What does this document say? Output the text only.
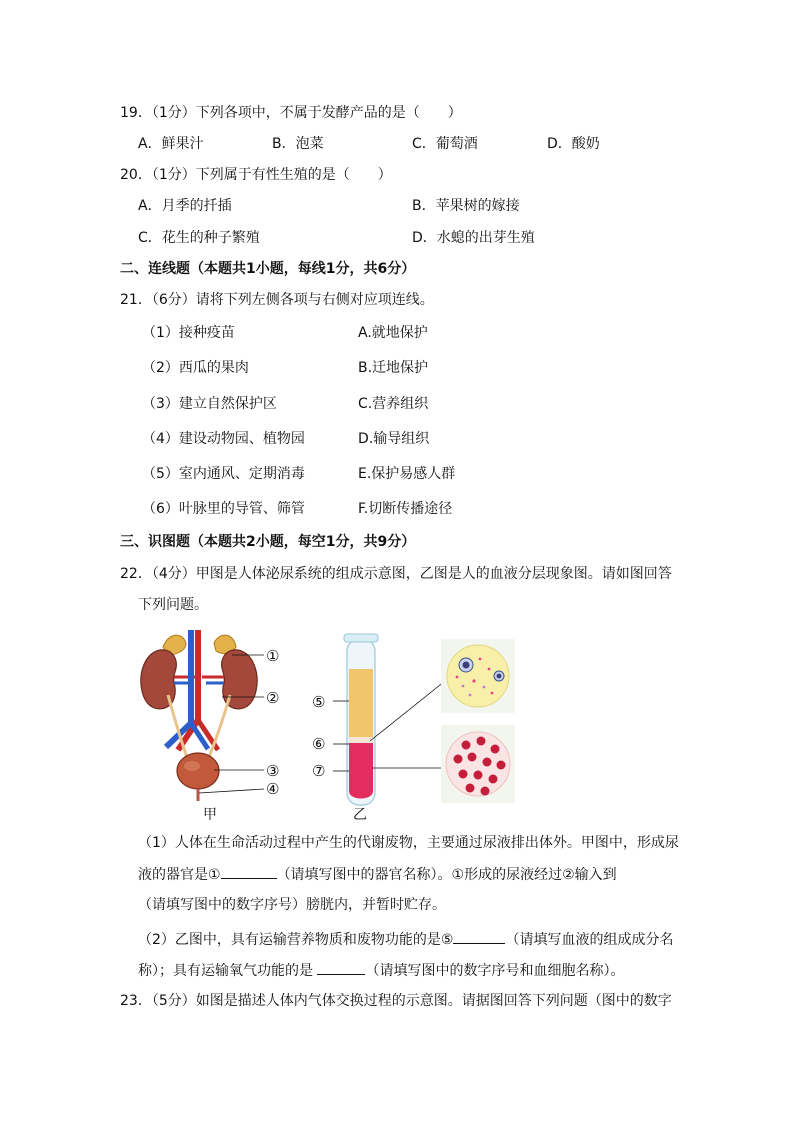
19．（1分）下列各项中，不属于发酵产品的是（　　）
A．鲜果汁	B．泡菜	C．葡萄酒	D．酸奶
20．（1分）下列属于有性生殖的是（　　）
A．月季的扦插	B．苹果树的嫁接
C．花生的种子繁殖	D．水螅的出芽生殖
二、连线题（本题共1小题，每线1分，共6分）
21．（6分）请将下列左侧各项与右侧对应项连线。
（1）接种疫苗	A.就地保护
（2）西瓜的果肉	B.迁地保护
（3）建立自然保护区	C.营养组织
（4）建设动物园、植物园	D.输导组织
（5）室内通风、定期消毒	E.保护易感人群
（6）叶脉里的导管、筛管	F.切断传播途径
三、识图题（本题共2小题，每空1分，共9分）
22．（4分）甲图是人体泌尿系统的组成示意图，乙图是人的血液分层现象图。请如图回答
下列问题。
①
②
③
④
甲
⑤
⑥
⑦
乙
（1）人体在生命活动过程中产生的代谢废物，主要通过尿液排出体外。甲图中，形成尿
液的器官是①	（请填写图中的器官名称）。①形成的尿液经过②输入到
（请填写图中的数字序号）膀胱内，并暂时贮存。
（2）乙图中，具有运输营养物质和废物功能的是⑤	（请填写血液的组成成分名
称）；具有运输氧气功能的是	（请填写图中的数字序号和血细胞名称）。
23．（5分）如图是描述人体内气体交换过程的示意图。请据图回答下列问题（图中的数字
